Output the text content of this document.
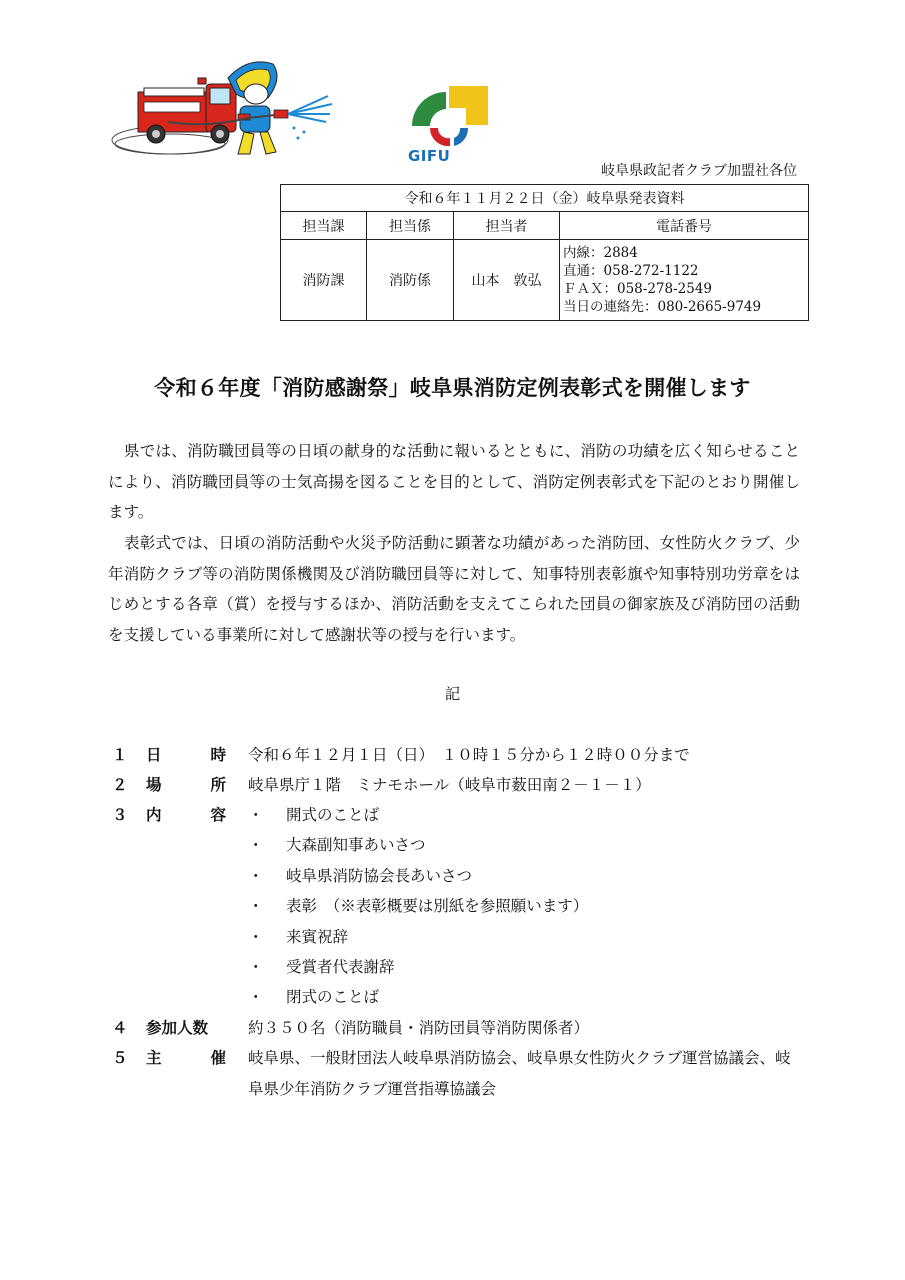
GIFU
岐阜県政記者クラブ加盟社各位
令和６年１１月２２日（金）岐阜県発表資料			
担当課	担当係	担当者	電話番号
消防課	消防係	山本　敦弘	内線：2884
直通：058-272-1122
ＦＡＸ：058-278-2549
当日の連絡先：080-2665-9749
令和６年度「消防感謝祭」岐阜県消防定例表彰式を開催します

県では、消防職団員等の日頃の献身的な活動に報いるとともに、消防の功績を広く知らせることにより、消防職団員等の士気高揚を図ることを目的として、消防定例表彰式を下記のとおり開催します。

表彰式では、日頃の消防活動や火災予防活動に顕著な功績があった消防団、女性防火クラブ、少年消防クラブ等の消防関係機関及び消防職団員等に対して、知事特別表彰旗や知事特別功労章をはじめとする各章（賞）を授与するほか、消防活動を支えてこられた団員の御家族及び消防団の活動を支援している事業所に対して感謝状等の授与を行います。

記
１ 日	時 令和６年１２月１日（日）　１０時１５分から１２時００分まで
２ 場	所 岐阜県庁１階　ミナモホール（岐阜市薮田南２－１－１）
３ 内	容 ・ 開式のことば
・ 大森副知事あいさつ
・ 岐阜県消防協会長あいさつ
・ 表彰　（※表彰概要は別紙を参照願います）
・ 来賓祝辞
・ 受賞者代表謝辞
・ 閉式のことば
４ 参加人数	約３５０名（消防職員・消防団員等消防関係者）
５ 主	催 岐阜県、一般財団法人岐阜県消防協会、岐阜県女性防火クラブ運営協議会、岐阜県少年消防クラブ運営指導協議会
